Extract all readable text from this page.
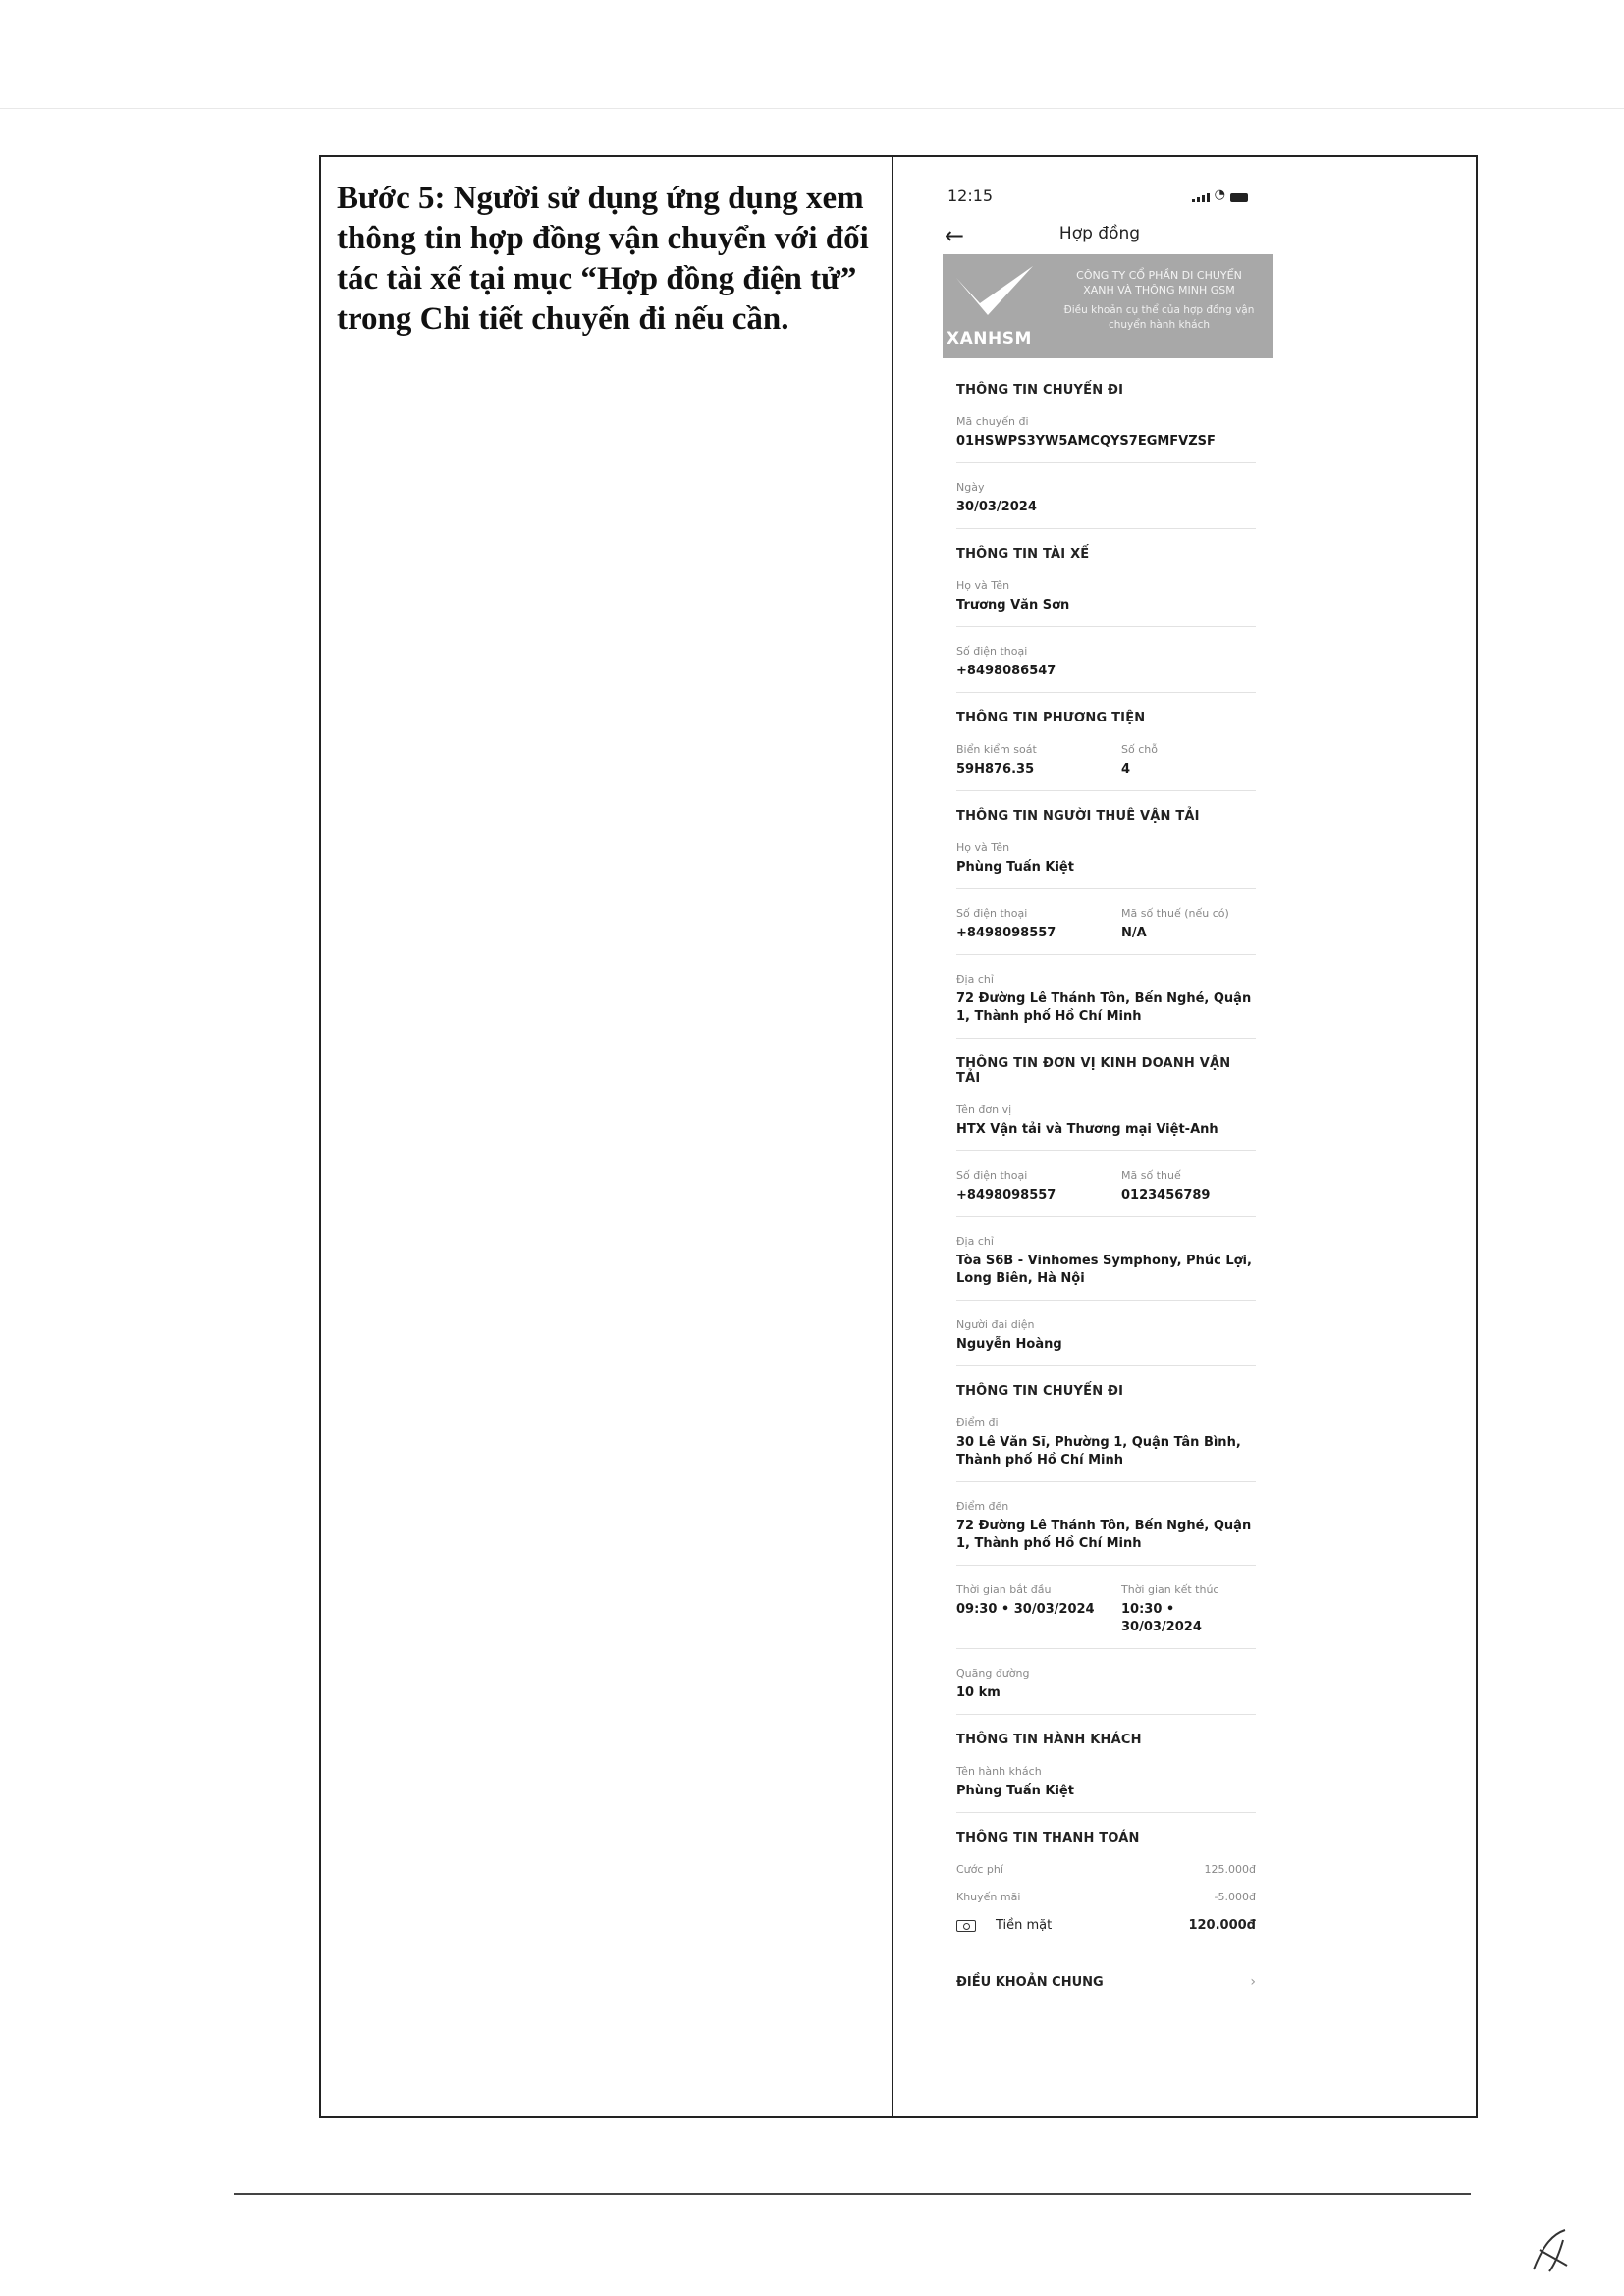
Bước 5: Người sử dụng ứng dụng xem thông tin hợp đồng vận chuyển với đối tác tài xế tại mục “Hợp đồng điện tử” trong Chi tiết chuyến đi nếu cần.
12:15	◔
←	Hợp đồng
XANHSM
CÔNG TY CỔ PHẦN DI CHUYỂN
XANH VÀ THÔNG MINH GSM
Điều khoản cụ thể của hợp đồng vận chuyển hành khách
THÔNG TIN CHUYẾN ĐI
Mã chuyến đi
01HSWPS3YW5AMCQYS7EGMFVZSF
Ngày
30/03/2024
THÔNG TIN TÀI XẾ
Họ và Tên
Trương Văn Sơn
Số điện thoại
+8498086547
THÔNG TIN PHƯƠNG TIỆN
Biển kiểm soát
59H876.35
Số chỗ
4
THÔNG TIN NGƯỜI THUÊ VẬN TẢI
Họ và Tên
Phùng Tuấn Kiệt
Số điện thoại
+8498098557
Mã số thuế (nếu có)
N/A
Địa chỉ
72 Đường Lê Thánh Tôn, Bến Nghé, Quận 1, Thành phố Hồ Chí Minh
THÔNG TIN ĐƠN VỊ KINH DOANH VẬN TẢI
Tên đơn vị
HTX Vận tải và Thương mại Việt-Anh
Số điện thoại
+8498098557
Mã số thuế
0123456789
Địa chỉ
Tòa S6B - Vinhomes Symphony, Phúc Lợi, Long Biên, Hà Nội
Người đại diện
Nguyễn Hoàng
THÔNG TIN CHUYẾN ĐI
Điểm đi
30 Lê Văn Sĩ, Phường 1, Quận Tân Bình, Thành phố Hồ Chí Minh
Điểm đến
72 Đường Lê Thánh Tôn, Bến Nghé, Quận 1, Thành phố Hồ Chí Minh
Thời gian bắt đầu
09:30 • 30/03/2024
Thời gian kết thúc
10:30 • 30/03/2024
Quãng đường
10 km
THÔNG TIN HÀNH KHÁCH
Tên hành khách
Phùng Tuấn Kiệt
THÔNG TIN THANH TOÁN
Cước phí	125.000đ
Khuyến mãi	-5.000đ
Tiền mặt	120.000đ
ĐIỀU KHOẢN CHUNG	›
